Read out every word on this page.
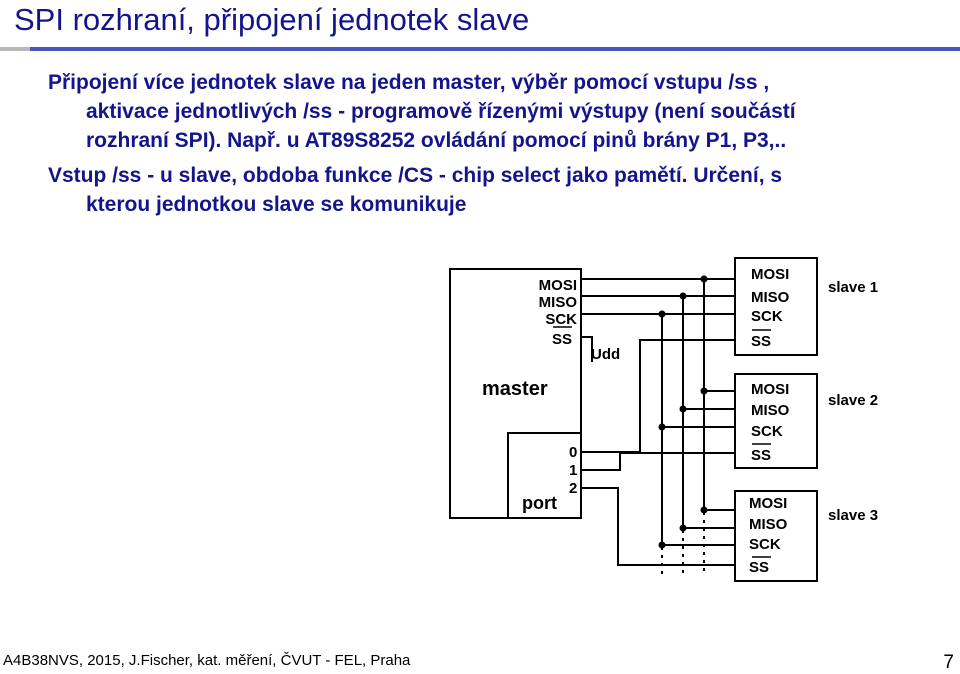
SPI rozhraní, připojení jednotek slave
Připojení více jednotek slave na jeden master, výběr pomocí vstupu /ss ,
aktivace jednotlivých /ss - programově řízenými výstupy (není součástí
rozhraní SPI). Např. u AT89S8252 ovládání pomocí pinů brány P1, P3,..
Vstup /ss - u slave, obdoba funkce /CS - chip select jako pamětí. Určení, s
kterou jednotkou slave se komunikuje
MOSI
MISO
SCK
SS
master
port
0
1
2
Udd
MOSI
MISO
SCK
SS
slave 1
MOSI
MISO
SCK
SS
slave 2
MOSI
MISO
SCK
SS
slave 3
A4B38NVS, 2015, J.Fischer, kat. měření, ČVUT - FEL, Praha	7
